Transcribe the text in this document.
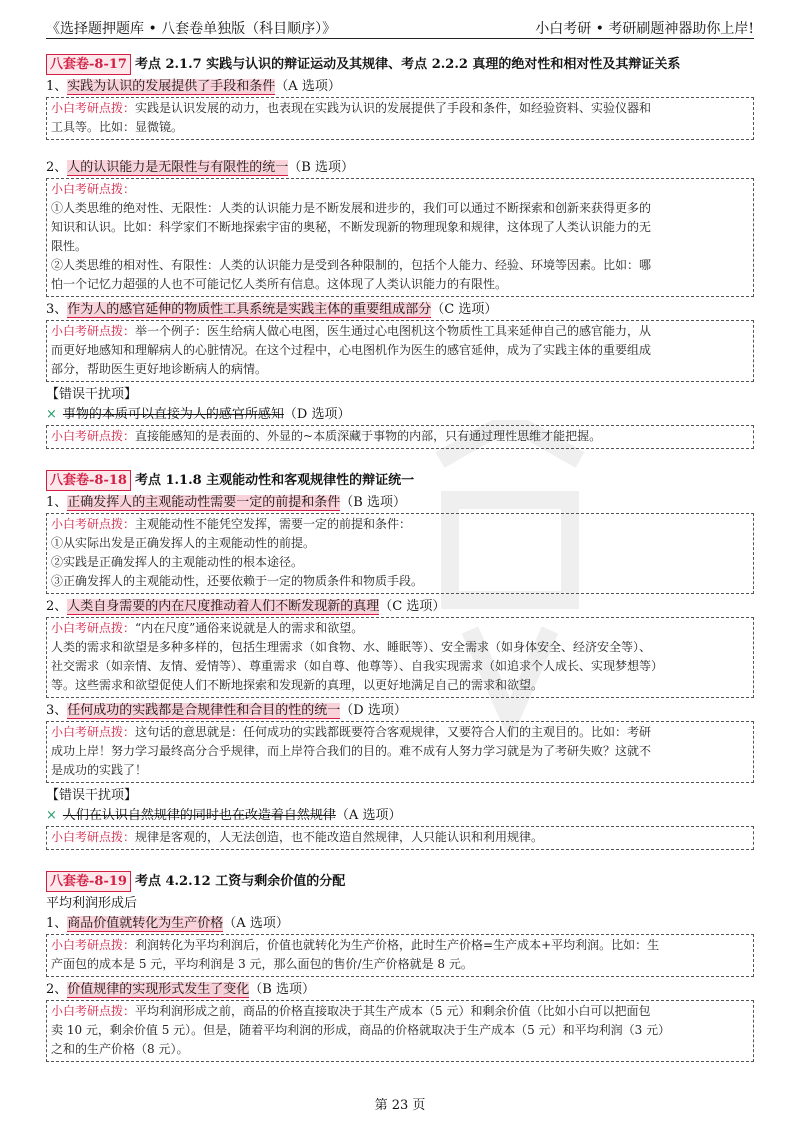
《选择题押题库 • 八套卷单独版（科目顺序）》	小白考研 • 考研刷题神器助你上岸!
八套卷-8-17 考点 2.1.7 实践与认识的辩证运动及其规律、考点 2.2.2 真理的绝对性和相对性及其辩证关系
1、实践为认识的发展提供了手段和条件（A 选项）
小白考研点拨：实践是认识发展的动力，也表现在实践为认识的发展提供了手段和条件，如经验资料、实验仪器和
工具等。比如：显微镜。
2、人的认识能力是无限性与有限性的统一（B 选项）
小白考研点拨：
①人类思维的绝对性、无限性：人类的认识能力是不断发展和进步的，我们可以通过不断探索和创新来获得更多的
知识和认识。比如：科学家们不断地探索宇宙的奥秘，不断发现新的物理现象和规律，这体现了人类认识能力的无
限性。
②人类思维的相对性、有限性：人类的认识能力是受到各种限制的，包括个人能力、经验、环境等因素。比如：哪
怕一个记忆力超强的人也不可能记忆人类所有信息。这体现了人类认识能力的有限性。
3、作为人的感官延伸的物质性工具系统是实践主体的重要组成部分（C 选项）
小白考研点拨：举一个例子：医生给病人做心电图，医生通过心电图机这个物质性工具来延伸自己的感官能力，从
而更好地感知和理解病人的心脏情况。在这个过程中，心电图机作为医生的感官延伸，成为了实践主体的重要组成
部分，帮助医生更好地诊断病人的病情。
【错误干扰项】
× 事物的本质可以直接为人的感官所感知（D 选项）
小白考研点拨：直接能感知的是表面的、外显的~本质深藏于事物的内部，只有通过理性思维才能把握。
八套卷-8-18 考点 1.1.8 主观能动性和客观规律性的辩证统一
1、正确发挥人的主观能动性需要一定的前提和条件（B 选项）
小白考研点拨：主观能动性不能凭空发挥，需要一定的前提和条件：
①从实际出发是正确发挥人的主观能动性的前提。
②实践是正确发挥人的主观能动性的根本途径。
③正确发挥人的主观能动性，还要依赖于一定的物质条件和物质手段。
2、人类自身需要的内在尺度推动着人们不断发现新的真理（C 选项）
小白考研点拨：“内在尺度”通俗来说就是人的需求和欲望。
人类的需求和欲望是多种多样的，包括生理需求（如食物、水、睡眠等）、安全需求（如身体安全、经济安全等）、
社交需求（如亲情、友情、爱情等）、尊重需求（如自尊、他尊等）、自我实现需求（如追求个人成长、实现梦想等）
等。这些需求和欲望促使人们不断地探索和发现新的真理，以更好地满足自己的需求和欲望。
3、任何成功的实践都是合规律性和合目的性的统一（D 选项）
小白考研点拨：这句话的意思就是：任何成功的实践都既要符合客观规律，又要符合人们的主观目的。比如：考研
成功上岸！努力学习最终高分合乎规律，而上岸符合我们的目的。难不成有人努力学习就是为了考研失败？这就不
是成功的实践了！
【错误干扰项】
× 人们在认识自然规律的同时也在改造着自然规律（A 选项）
小白考研点拨：规律是客观的，人无法创造，也不能改造自然规律，人只能认识和利用规律。
八套卷-8-19 考点 4.2.12 工资与剩余价值的分配
平均利润形成后
1、商品价值就转化为生产价格（A 选项）
小白考研点拨：利润转化为平均利润后，价值也就转化为生产价格，此时生产价格=生产成本+平均利润。比如：生
产面包的成本是 5 元，平均利润是 3 元，那么面包的售价/生产价格就是 8 元。
2、价值规律的实现形式发生了变化（B 选项）
小白考研点拨：平均利润形成之前，商品的价格直接取决于其生产成本（5 元）和剩余价值（比如小白可以把面包
卖 10 元，剩余价值 5 元）。但是，随着平均利润的形成，商品的价格就取决于生产成本（5 元）和平均利润（3 元）
之和的生产价格（8 元）。
第 23 页
